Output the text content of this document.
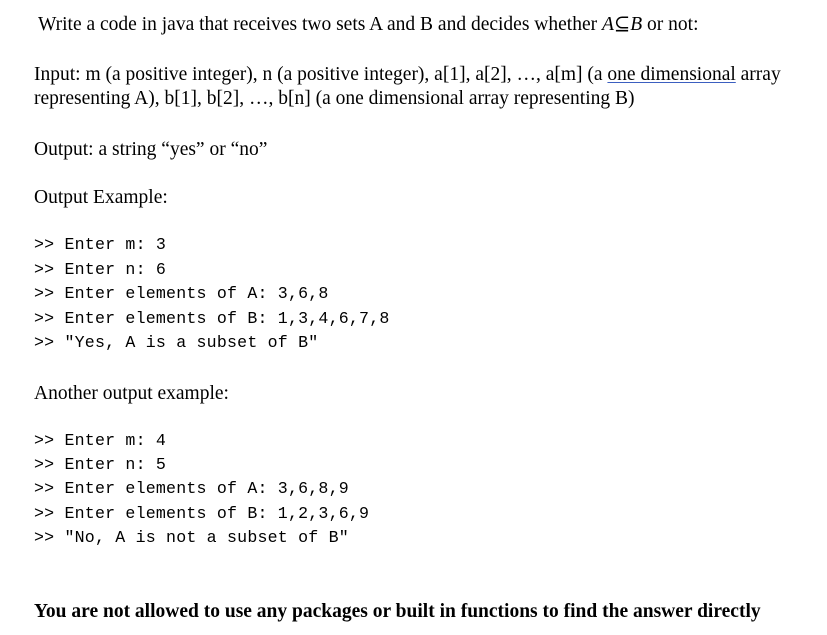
Write a code in java that receives two sets A and B and decides whether A⊆B or not:
Input: m (a positive integer), n (a positive integer), a[1], a[2], …, a[m] (a one dimensional array
representing A), b[1], b[2], …, b[n] (a one dimensional array representing B)
Output: a string “yes” or “no”
Output Example:
>> Enter m: 3
>> Enter n: 6
>> Enter elements of A: 3,6,8
>> Enter elements of B: 1,3,4,6,7,8
>> "Yes, A is a subset of B"
Another output example:
>> Enter m: 4
>> Enter n: 5
>> Enter elements of A: 3,6,8,9
>> Enter elements of B: 1,2,3,6,9
>> "No, A is not a subset of B"
You are not allowed to use any packages or built in functions to find the answer directly
